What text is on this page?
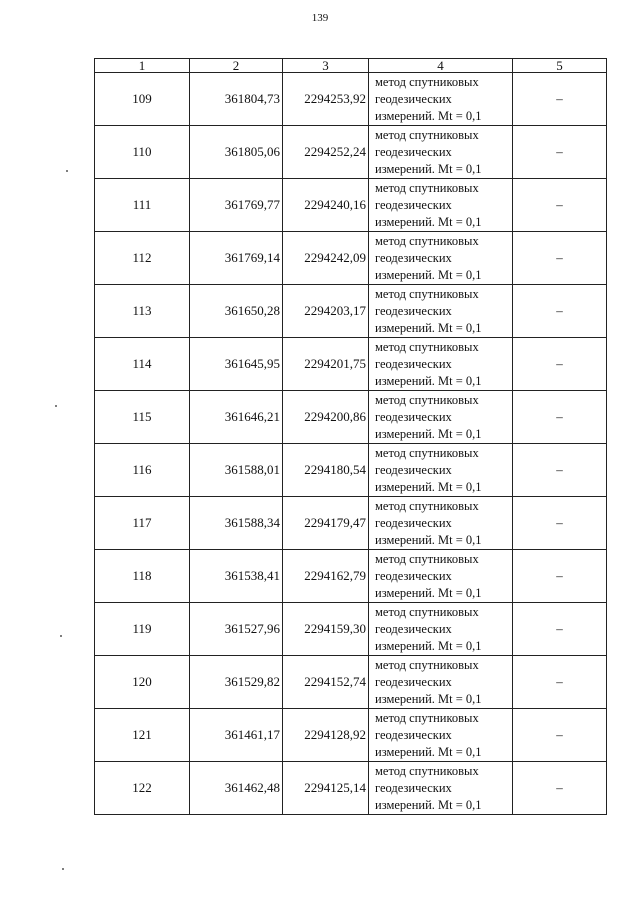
139
1	2	3	4	5
109	361804,73	2294253,92	метод спутниковых
геодезических
измерений. Mt = 0,1	–
110	361805,06	2294252,24	метод спутниковых
геодезических
измерений. Mt = 0,1	–
111	361769,77	2294240,16	метод спутниковых
геодезических
измерений. Mt = 0,1	–
112	361769,14	2294242,09	метод спутниковых
геодезических
измерений. Mt = 0,1	–
113	361650,28	2294203,17	метод спутниковых
геодезических
измерений. Mt = 0,1	–
114	361645,95	2294201,75	метод спутниковых
геодезических
измерений. Mt = 0,1	–
115	361646,21	2294200,86	метод спутниковых
геодезических
измерений. Mt = 0,1	–
116	361588,01	2294180,54	метод спутниковых
геодезических
измерений. Mt = 0,1	–
117	361588,34	2294179,47	метод спутниковых
геодезических
измерений. Mt = 0,1	–
118	361538,41	2294162,79	метод спутниковых
геодезических
измерений. Mt = 0,1	–
119	361527,96	2294159,30	метод спутниковых
геодезических
измерений. Mt = 0,1	–
120	361529,82	2294152,74	метод спутниковых
геодезических
измерений. Mt = 0,1	–
121	361461,17	2294128,92	метод спутниковых
геодезических
измерений. Mt = 0,1	–
122	361462,48	2294125,14	метод спутниковых
геодезических
измерений. Mt = 0,1	–
